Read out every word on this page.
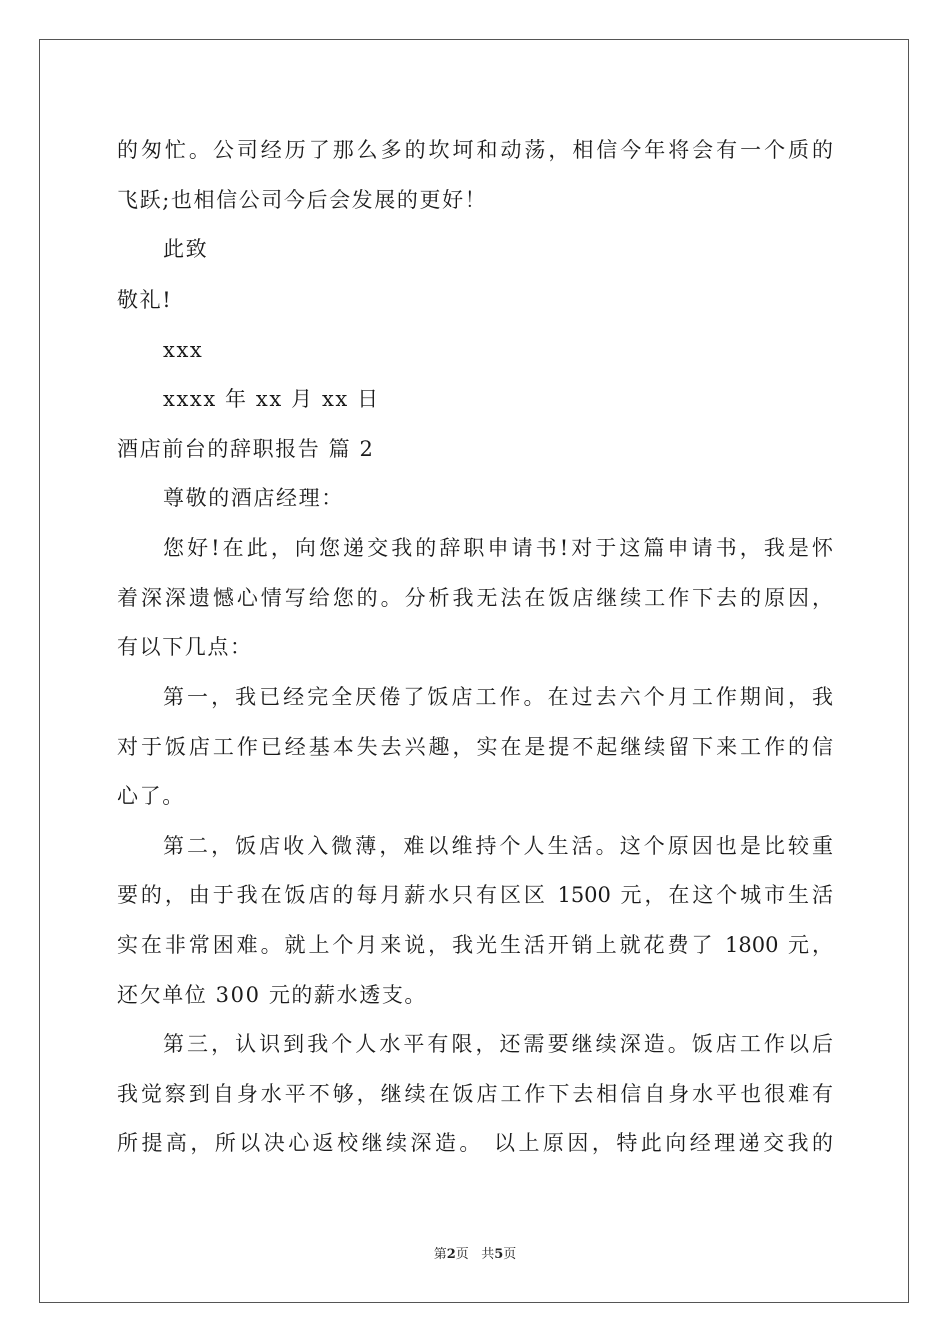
的匆忙。公司经历了那么多的坎坷和动荡，相信今年将会有一个质的
飞跃;也相信公司今后会发展的更好！
此致
敬礼!
xxx
xxxx 年 xx 月 xx 日
酒店前台的辞职报告 篇 2
尊敬的酒店经理：
您好!在此，向您递交我的辞职申请书!对于这篇申请书，我是怀
着深深遗憾心情写给您的。分析我无法在饭店继续工作下去的原因，
有以下几点：
第一，我已经完全厌倦了饭店工作。在过去六个月工作期间，我
对于饭店工作已经基本失去兴趣，实在是提不起继续留下来工作的信
心了。
第二，饭店收入微薄，难以维持个人生活。这个原因也是比较重
要的，由于我在饭店的每月薪水只有区区 1500 元，在这个城市生活
实在非常困难。就上个月来说，我光生活开销上就花费了 1800 元，
还欠单位 300 元的薪水透支。
第三，认识到我个人水平有限，还需要继续深造。饭店工作以后
我觉察到自身水平不够，继续在饭店工作下去相信自身水平也很难有
所提高，所以决心返校继续深造。 以上原因，特此向经理递交我的
第2页 共5页
